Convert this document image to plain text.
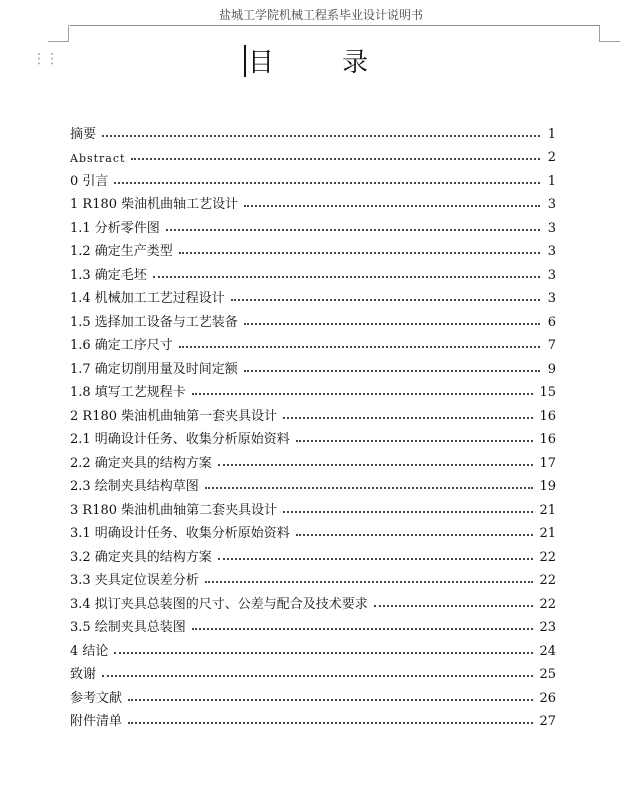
盐城工学院机械工程系毕业设计说明书
⋮⋮	目 录
摘要	1
Abstract	2
0 引言	1
1 R180 柴油机曲轴工艺设计	3
1.1 分析零件图	3
1.2 确定生产类型	3
1.3 确定毛坯	3
1.4 机械加工工艺过程设计	3
1.5 选择加工设备与工艺装备	6
1.6 确定工序尺寸	7
1.7 确定切削用量及时间定额	9
1.8 填写工艺规程卡	15
2 R180 柴油机曲轴第一套夹具设计	16
2.1 明确设计任务、收集分析原始资料	16
2.2 确定夹具的结构方案	17
2.3 绘制夹具结构草图	19
3 R180 柴油机曲轴第二套夹具设计	21
3.1 明确设计任务、收集分析原始资料	21
3.2 确定夹具的结构方案	22
3.3 夹具定位误差分析	22
3.4 拟订夹具总装图的尺寸、公差与配合及技术要求	22
3.5 绘制夹具总装图	23
4 结论	24
致谢	25
参考文献	26
附件清单	27
